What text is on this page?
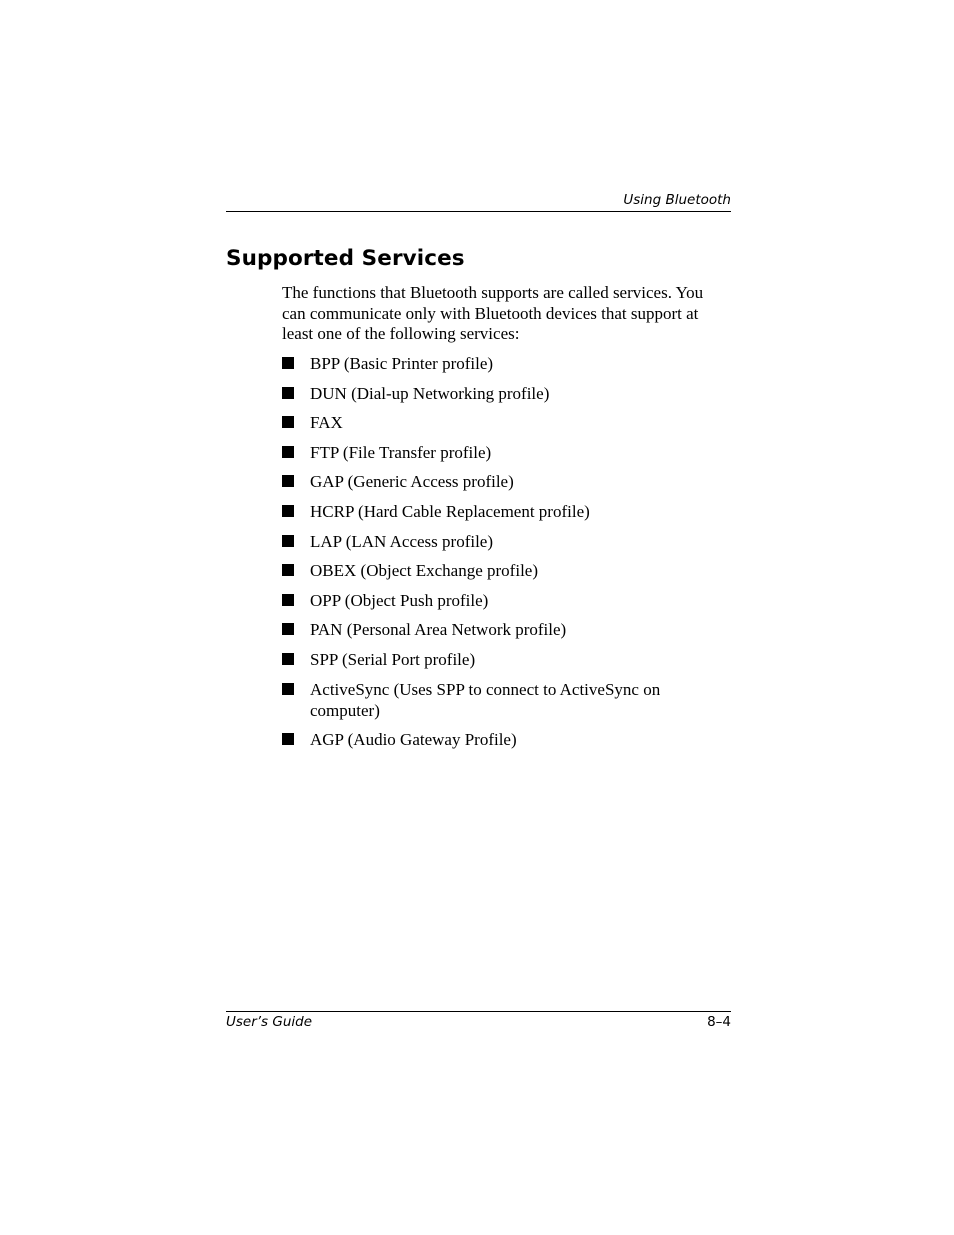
Using Bluetooth
Supported Services

The functions that Bluetooth supports are called services. You can communicate only with Bluetooth devices that support at least one of the following services:

BPP (Basic Printer profile)
DUN (Dial-up Networking profile)
FAX
FTP (File Transfer profile)
GAP (Generic Access profile)
HCRP (Hard Cable Replacement profile)
LAP (LAN Access profile)
OBEX (Object Exchange profile)
OPP (Object Push profile)
PAN (Personal Area Network profile)
SPP (Serial Port profile)
ActiveSync (Uses SPP to connect to ActiveSync on computer)
AGP (Audio Gateway Profile)
User’s Guide	8–4
